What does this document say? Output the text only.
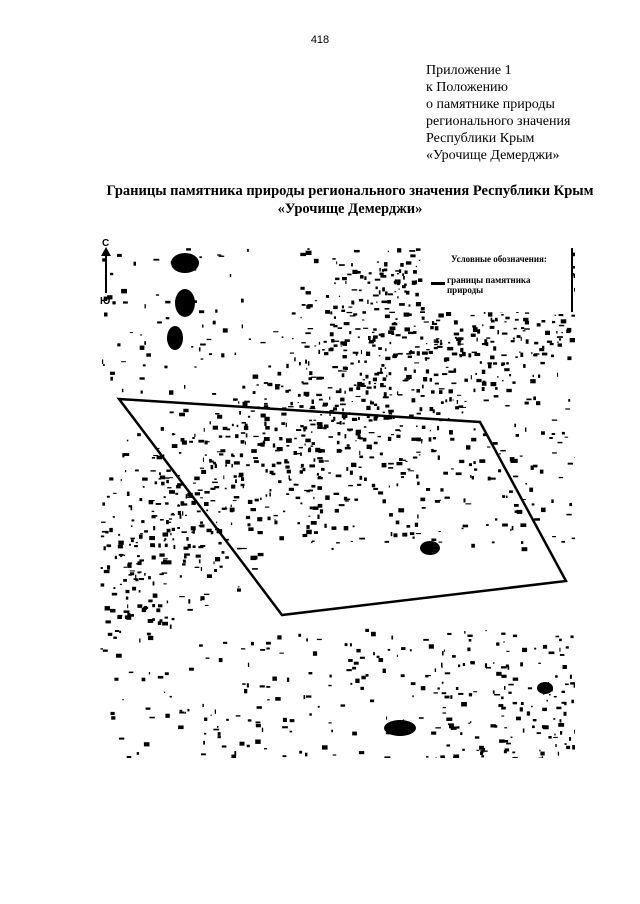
418
Приложение 1
к Положению
о памятнике природы
регионального значения
Республики Крым
«Урочище Демерджи»
Границы памятника природы регионального значения Республики Крым
«Урочище Демерджи»
С
Ю
Условные обозначения:
границы памятника
природы
